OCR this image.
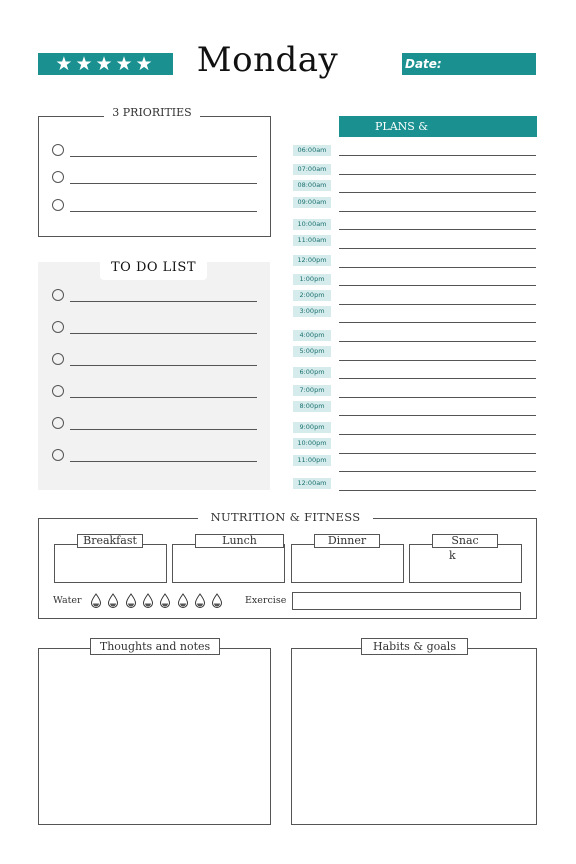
★★★★★	Monday	Date:
3 PRIORITIES
TO DO LIST
PLANS &
NUTRITION & FITNESS
Water	Exercise
Thoughts and notes	Habits & goals
06:00am
07:00am
08:00am
09:00am
10:00am
11:00am
12:00pm
1:00pm
2:00pm
3:00pm
4:00pm
5:00pm
6:00pm
7:00pm
8:00pm
9:00pm
10:00pm
11:00pm
12:00am
Breakfast	Lunch	Dinner	Snac
k
